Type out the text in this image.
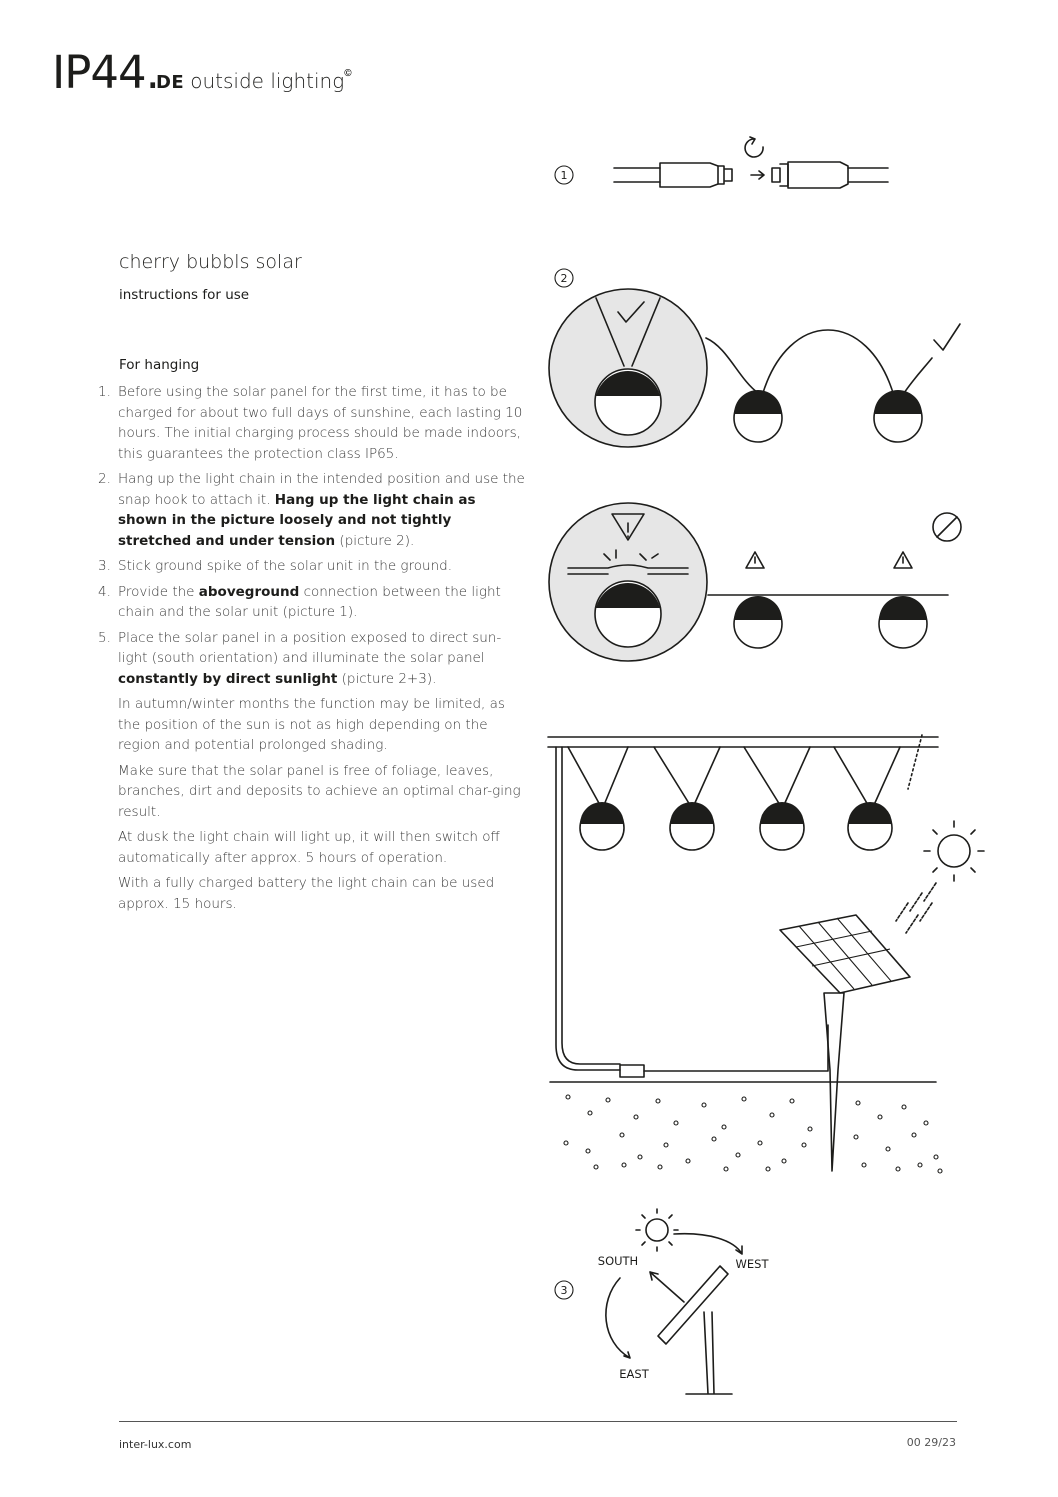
IP44.DE outside lighting©
cherry bubbls solar
instructions for use
For hanging
1. Before using the solar panel for the first time, it has to be charged for about two full days of sunshine, each lasting 10 hours. The initial charging process should be made indoors, this guarantees the protection class IP65.
2. Hang up the light chain in the intended position and use the snap hook to attach it. Hang up the light chain as shown in the picture loosely and not tightly stretched and under tension (picture 2).
3. Stick ground spike of the solar unit in the ground.
4. Provide the aboveground connection between the light chain and the solar unit (picture 1).
5. Place the solar panel in a position exposed to direct sun-light (south orientation) and illuminate the solar panel constantly by direct sunlight (picture 2+3).

In autumn/winter months the function may be limited, as the position of the sun is not as high depending on the region and potential prolonged shading.

Make sure that the solar panel is free of foliage, leaves, branches, dirt and deposits to achieve an optimal char-ging result.

At dusk the light chain will light up, it will then switch off automatically after approx. 5 hours of operation.

With a fully charged battery the light chain can be used approx. 15 hours.

1
2
3
SOUTH	WEST
EAST
inter-lux.com	00 29/23
